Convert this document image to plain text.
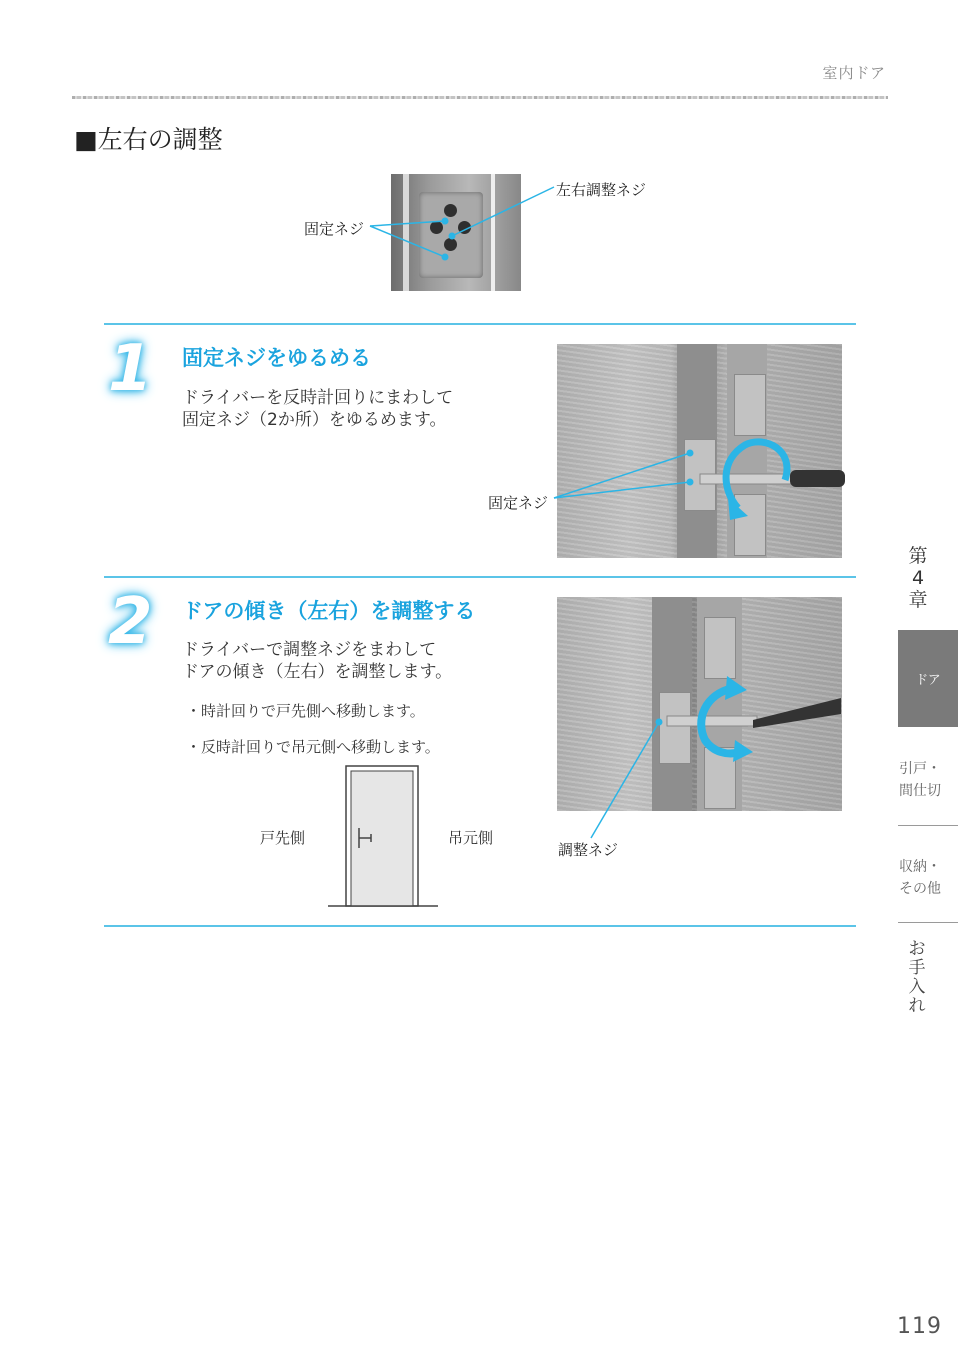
室内ドア
■左右の調整
左右調整ネジ
固定ネジ
1 固定ネジをゆるめる
ドライバーを反時計回りにまわして
固定ネジ（2か所）をゆるめます。
固定ネジ
2 ドアの傾き（左右）を調整する
ドライバーで調整ネジをまわして
ドアの傾き（左右）を調整します。
・時計回りで戸先側へ移動します。
・反時計回りで吊元側へ移動します。
戸先側	吊元側
調整ネジ
第
4
章
ドア
引戸・
間仕切
収納・
その他
お手入れ
119
